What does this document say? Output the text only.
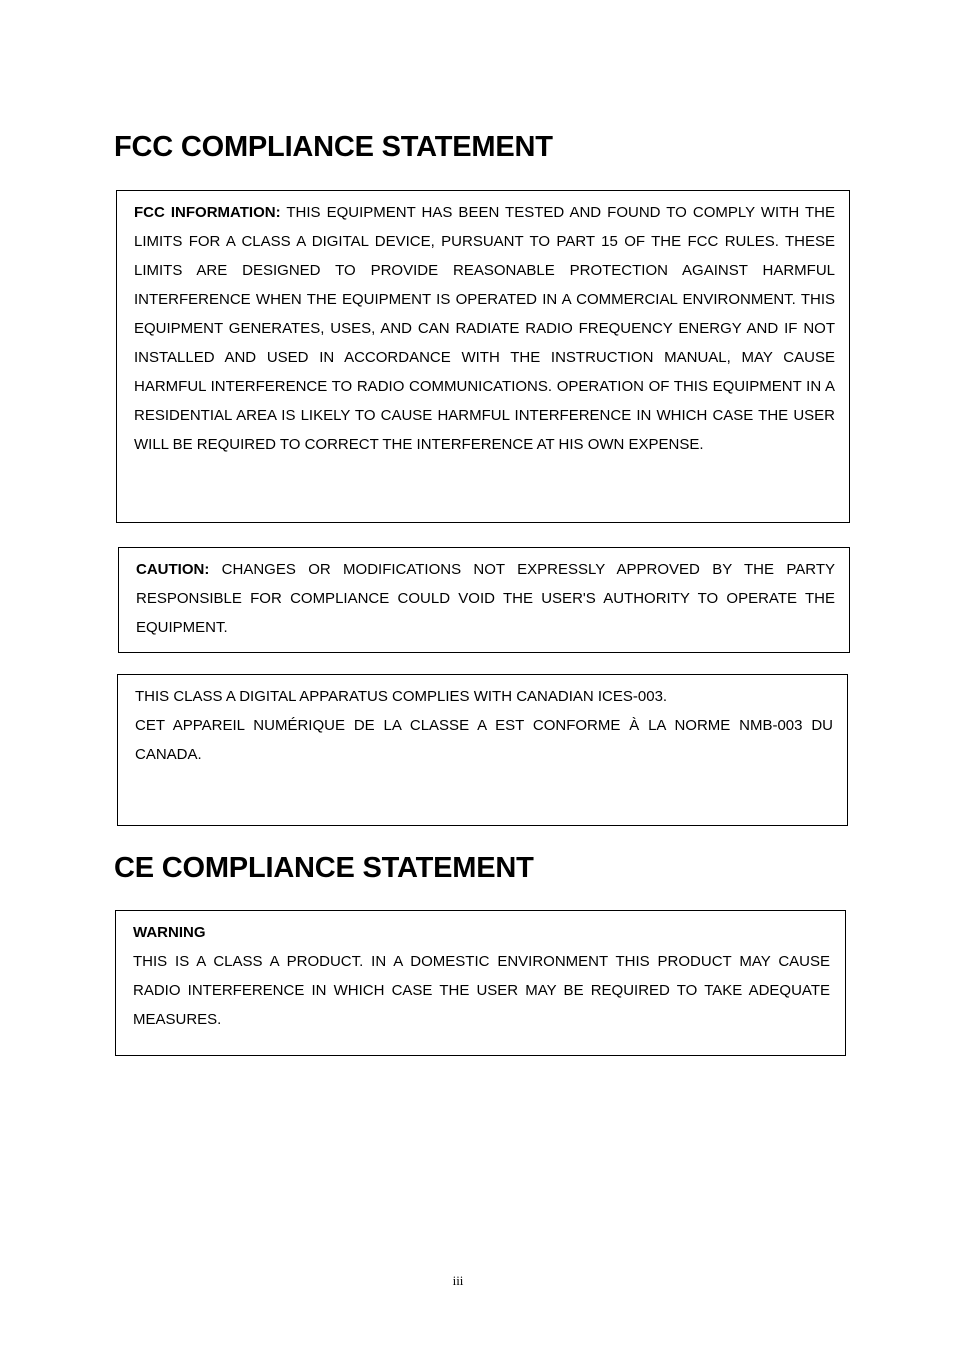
FCC COMPLIANCE STATEMENT

FCC INFORMATION: THIS EQUIPMENT HAS BEEN TESTED AND FOUND TO COMPLY WITH THE LIMITS FOR A CLASS A DIGITAL DEVICE, PURSUANT TO PART 15 OF THE FCC RULES. THESE LIMITS ARE DESIGNED TO PROVIDE REASONABLE PROTECTION AGAINST HARMFUL INTERFERENCE WHEN THE EQUIPMENT IS OPERATED IN A COMMERCIAL ENVIRONMENT. THIS EQUIPMENT GENERATES, USES, AND CAN RADIATE RADIO FREQUENCY ENERGY AND IF NOT INSTALLED AND USED IN ACCORDANCE WITH THE INSTRUCTION MANUAL, MAY CAUSE HARMFUL INTERFERENCE TO RADIO COMMUNICATIONS. OPERATION OF THIS EQUIPMENT IN A RESIDENTIAL AREA IS LIKELY TO CAUSE HARMFUL INTERFERENCE IN WHICH CASE THE USER WILL BE REQUIRED TO CORRECT THE INTERFERENCE AT HIS OWN EXPENSE.

CAUTION: CHANGES OR MODIFICATIONS NOT EXPRESSLY APPROVED BY THE PARTY RESPONSIBLE FOR COMPLIANCE COULD VOID THE USER'S AUTHORITY TO OPERATE THE EQUIPMENT.

THIS CLASS A DIGITAL APPARATUS COMPLIES WITH CANADIAN ICES-003.

CET APPAREIL NUMÉRIQUE DE LA CLASSE A EST CONFORME À LA NORME NMB-003 DU CANADA.

CE COMPLIANCE STATEMENT

WARNING

THIS IS A CLASS A PRODUCT. IN A DOMESTIC ENVIRONMENT THIS PRODUCT MAY CAUSE RADIO INTERFERENCE IN WHICH CASE THE USER MAY BE REQUIRED TO TAKE ADEQUATE MEASURES.

iii
